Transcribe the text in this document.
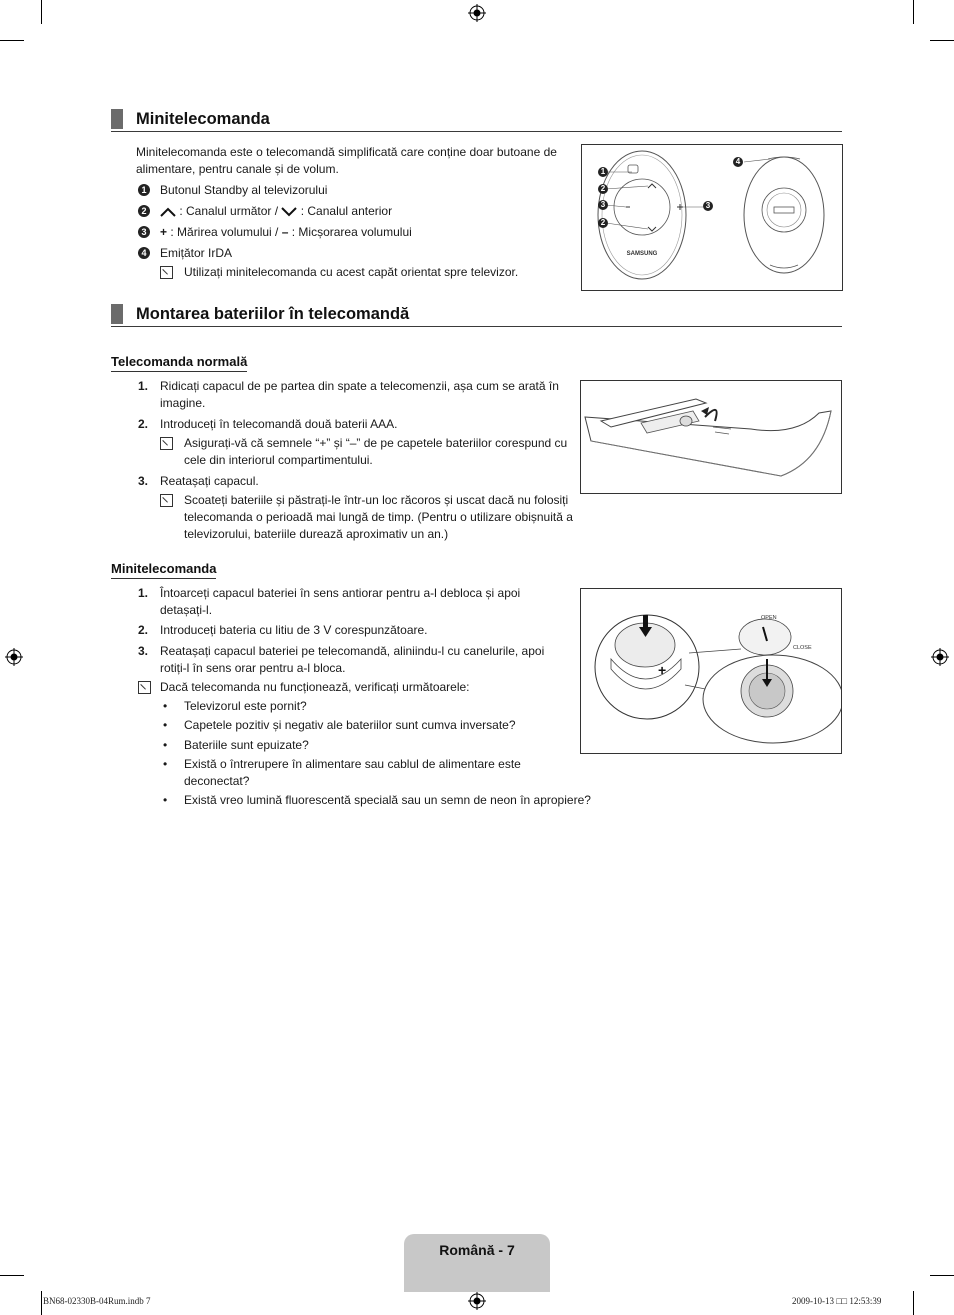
Minitelecomanda
Minitelecomanda este o telecomandă simplificată care conține doar butoane de alimentare, pentru canale și de volum.
1 Butonul Standby al televizorului
2	: Canalul următor /  : Canalul anterior
3 + : Mărirea volumului / – : Micșorarea volumului
4 Emițător IrDA
Utilizați minitelecomanda cu acest capăt orientat spre televizor.
SAMSUNG
1
2
3
2
3
4
Montarea bateriilor în telecomandă
Telecomanda normală
1. Ridicați capacul de pe partea din spate a telecomenzii, așa cum se arată în imagine.
2. Introduceți în telecomandă două baterii AAA.
Asigurați-vă că semnele “+” și “–” de pe capetele bateriilor corespund cu cele din interiorul compartimentului.
3. Reatașați capacul.
Scoateți bateriile și păstrați-le într-un loc răcoros și uscat dacă nu folosiți telecomanda o perioadă mai lungă de timp. (Pentru o utilizare obișnuită a televizorului, bateriile durează aproximativ un an.)
Minitelecomanda
1. Întoarceți capacul bateriei în sens antiorar pentru a-l debloca și apoi detașați-l.
2. Introduceți bateria cu litiu de 3 V corespunzătoare.
3. Reatașați capacul bateriei pe telecomandă, aliniindu-l cu canelurile, apoi rotiți-l în sens orar pentru a-l bloca.
Dacă telecomanda nu funcționează, verificați următoarele:
• Televizorul este pornit?
• Capetele pozitiv și negativ ale bateriilor sunt cumva inversate?
• Bateriile sunt epuizate?
• Există o întrerupere în alimentare sau cablul de alimentare este deconectat?
• Există vreo lumină fluorescentă specială sau un semn de neon în apropiere?
+
OPEN
CLOSE
Română - 7
BN68-02330B-04Rum.indb 7	2009-10-13 □□ 12:53:39
